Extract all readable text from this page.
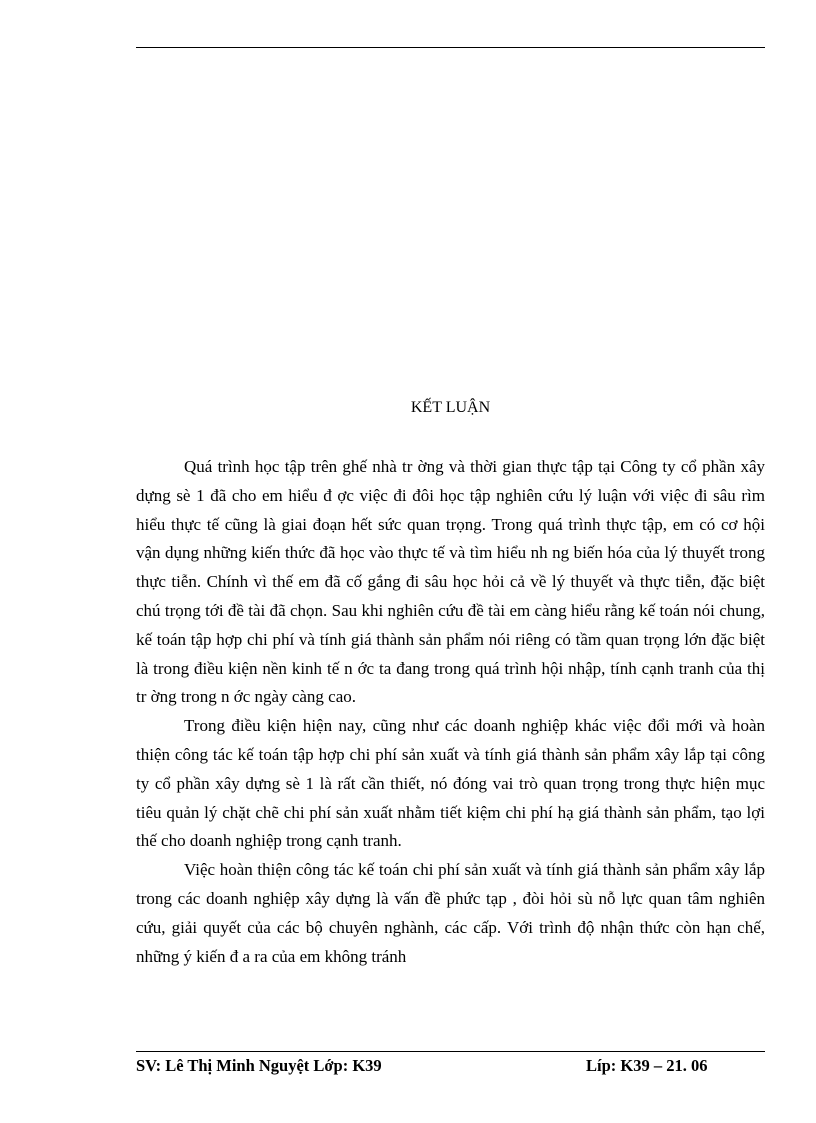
KẾT LUẬN

Quá trình học tập trên ghế nhà tr ờng và thời gian thực tập tại Công ty cổ phần xây dựng sè 1 đã cho em hiểu đ ợc việc đi đôi học tập nghiên cứu lý luận với việc đi sâu rìm hiểu thực tế cũng là giai đoạn hết sức quan trọng. Trong quá trình thực tập, em có cơ hội vận dụng những kiến thức đã học vào thực tế và tìm hiểu nh ng biến hóa của lý thuyết trong thực tiễn. Chính vì thế em đã cố gắng đi sâu học hỏi cả về lý thuyết và thực tiễn, đặc biệt chú trọng tới đề tài đã chọn. Sau khi nghiên cứu đề tài em càng hiểu rằng kế toán nói chung, kế toán tập hợp chi phí và tính giá thành sản phẩm nói riêng có tầm quan trọng lớn đặc biệt là trong điều kiện nền kinh tế n ớc ta đang trong quá trình hội nhập, tính cạnh tranh của thị tr ờng trong n ớc ngày càng cao.

Trong điều kiện hiện nay, cũng như các doanh nghiệp khác việc đổi mới và hoàn thiện công tác kế toán tập hợp chi phí sản xuất và tính giá thành sản phẩm xây lắp tại công ty cổ phần xây dựng sè 1 là rất cần thiết, nó đóng vai trò quan trọng trong thực hiện mục tiêu quản lý chặt chẽ chi phí sản xuất nhằm tiết kiệm chi phí hạ giá thành sản phẩm, tạo lợi thế cho doanh nghiệp trong cạnh tranh.

Việc hoàn thiện công tác kế toán chi phí sản xuất và tính giá thành sản phẩm xây lắp trong các doanh nghiệp xây dựng là vấn đề phức tạp , đòi hỏi sù nỗ lực quan tâm nghiên cứu, giải quyết của các bộ chuyên nghành, các cấp. Với trình độ nhận thức còn hạn chế, những ý kiến đ a ra của em không tránh

SV: Lê Thị Minh Nguyệt Lớp: K39	Líp: K39 – 21. 06
